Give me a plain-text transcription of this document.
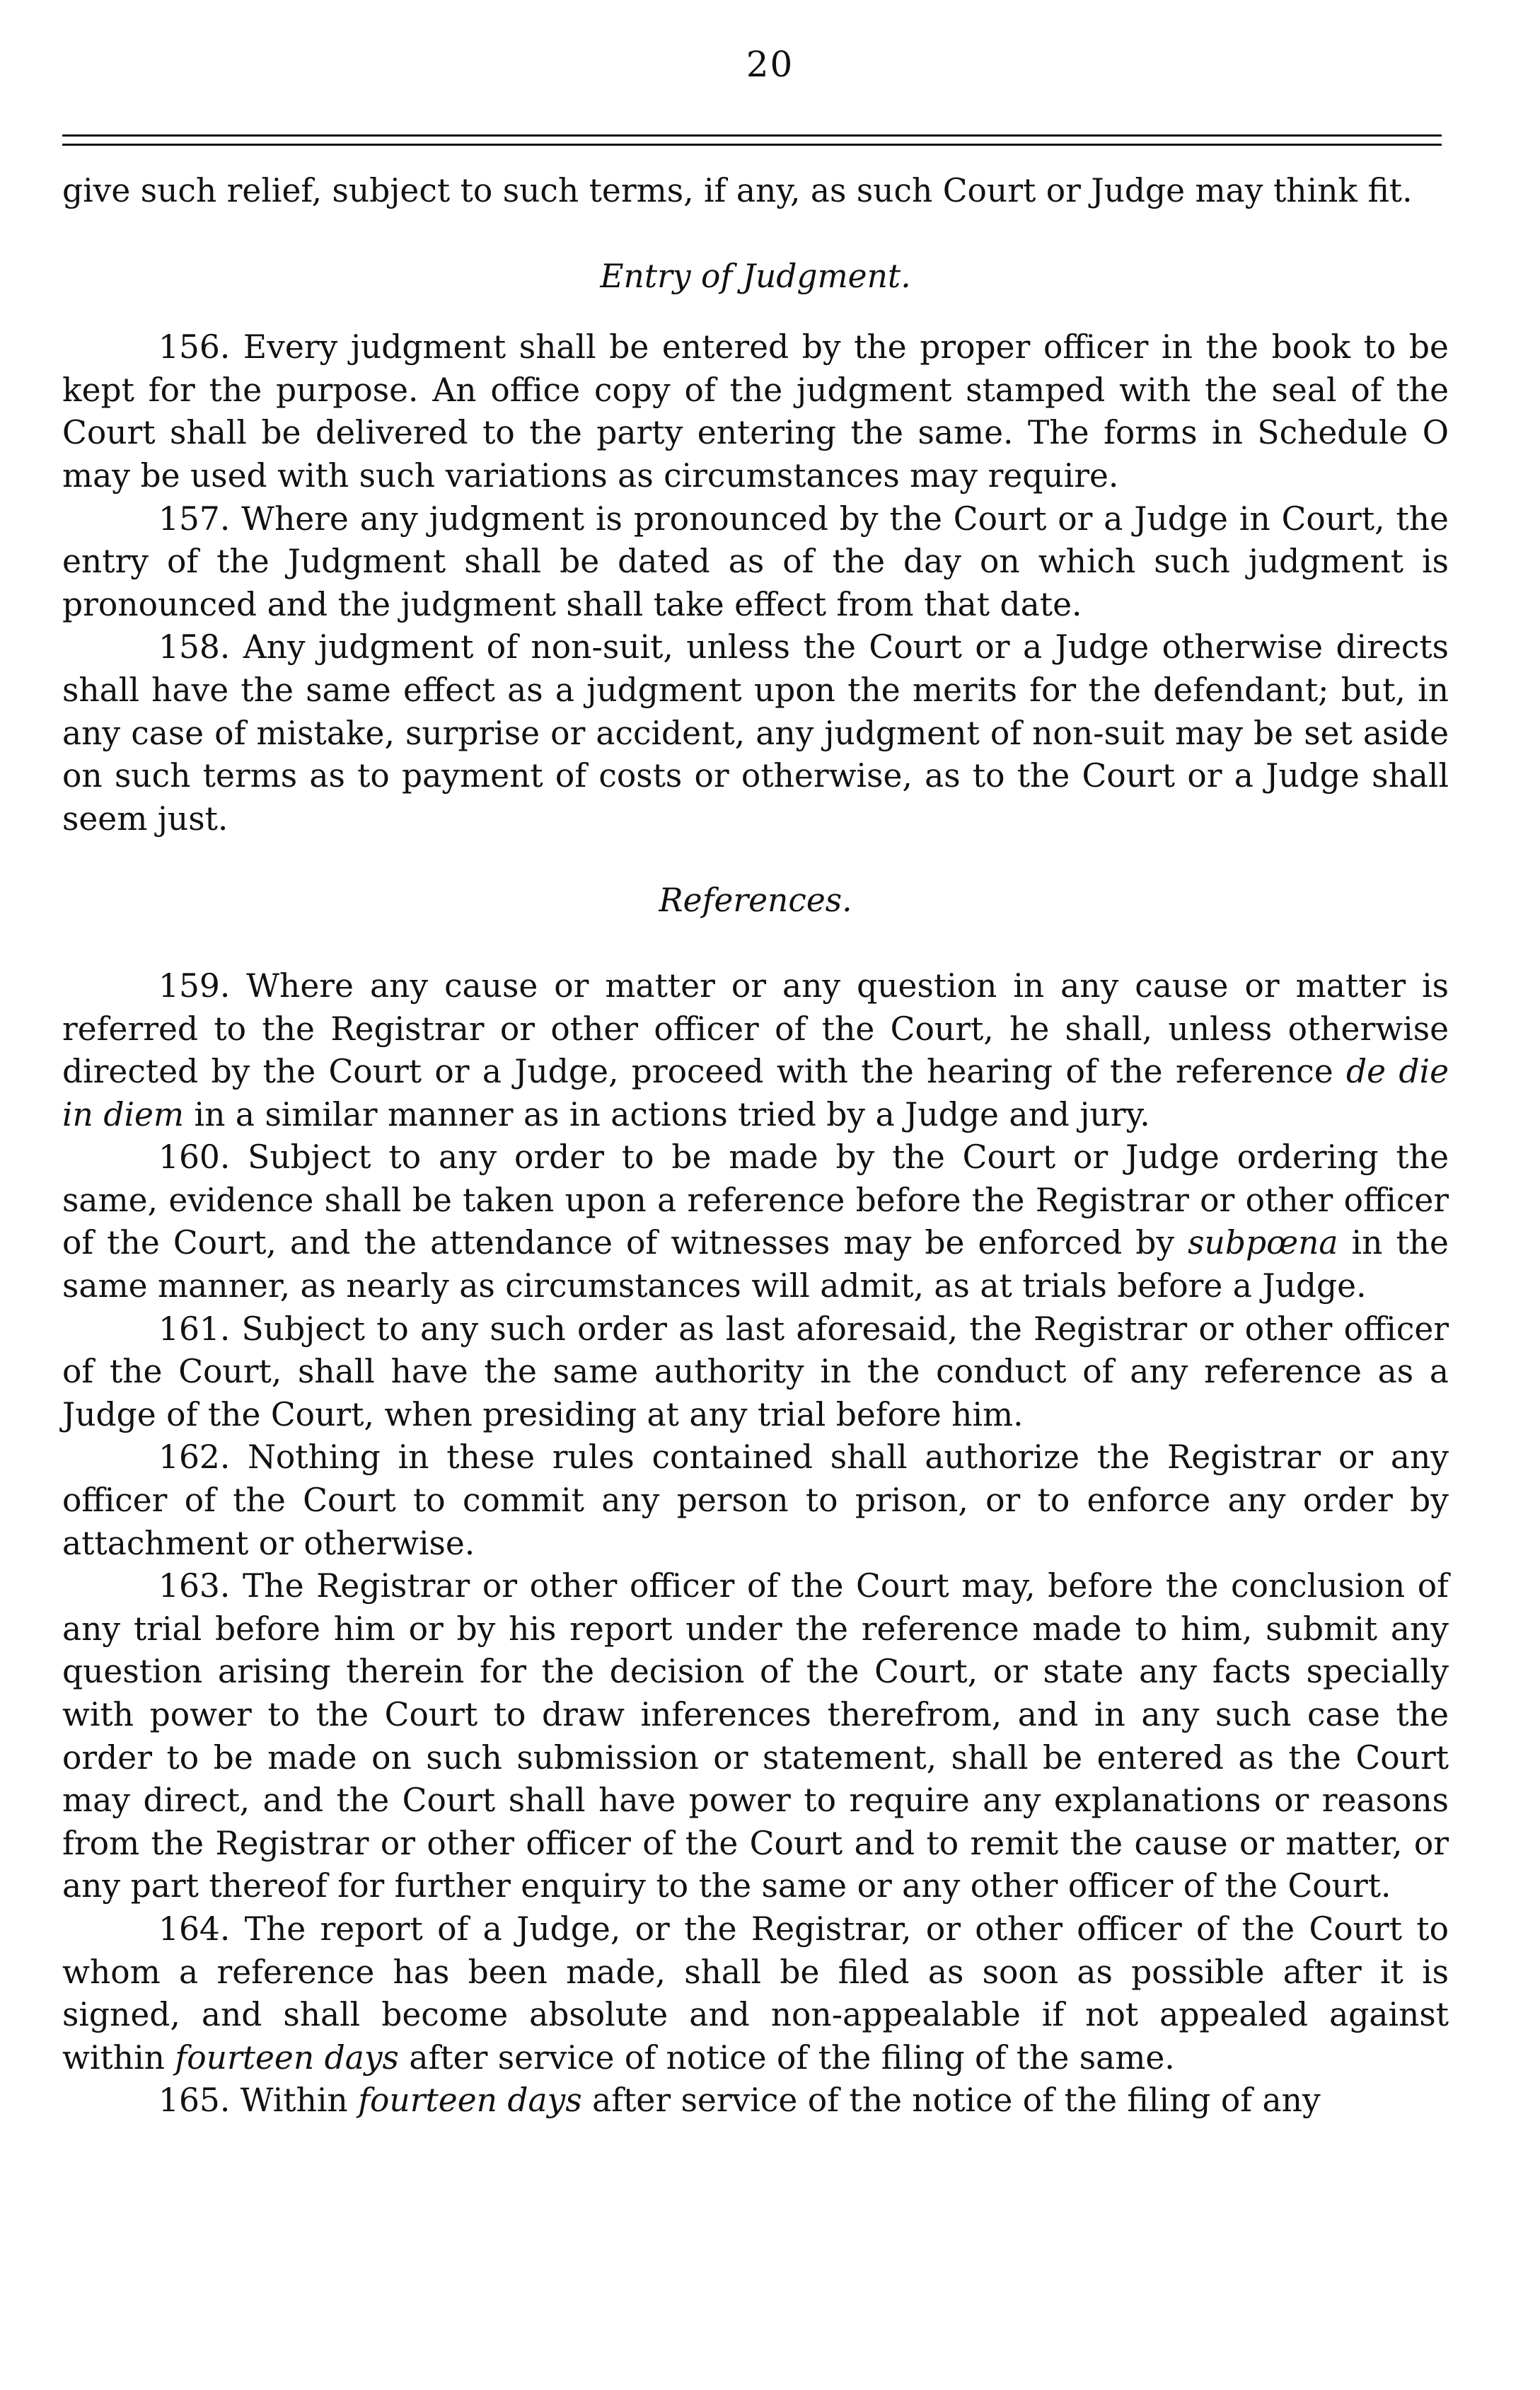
20

give such relief, subject to such terms, if any, as such Court or Judge may think fit.

Entry of Judgment.

156. Every judgment shall be entered by the proper officer in the book to be kept for the purpose. An office copy of the judgment stamped with the seal of the Court shall be delivered to the party entering the same. The forms in Schedule O may be used with such variations as circumstances may require.

157. Where any judgment is pronounced by the Court or a Judge in Court, the entry of the Judgment shall be dated as of the day on which such judgment is pronounced and the judgment shall take effect from that date.

158. Any judgment of non-suit, unless the Court or a Judge otherwise directs shall have the same effect as a judgment upon the merits for the defendant; but, in any case of mistake, surprise or accident, any judgment of non-suit may be set aside on such terms as to payment of costs or otherwise, as to the Court or a Judge shall seem just.

References.

159. Where any cause or matter or any question in any cause or matter is referred to the Registrar or other officer of the Court, he shall, unless otherwise directed by the Court or a Judge, proceed with the hearing of the reference de die in diem in a similar manner as in actions tried by a Judge and jury.

160. Subject to any order to be made by the Court or Judge ordering the same, evidence shall be taken upon a reference before the Registrar or other officer of the Court, and the attendance of witnesses may be enforced by subpœna in the same manner, as nearly as circumstances will admit, as at trials before a Judge.

161. Subject to any such order as last aforesaid, the Registrar or other officer of the Court, shall have the same authority in the conduct of any reference as a Judge of the Court, when presiding at any trial before him.

162. Nothing in these rules contained shall authorize the Registrar or any officer of the Court to commit any person to prison, or to enforce any order by attachment or otherwise.

163. The Registrar or other officer of the Court may, before the conclusion of any trial before him or by his report under the reference made to him, submit any question arising therein for the decision of the Court, or state any facts specially with power to the Court to draw inferences therefrom, and in any such case the order to be made on such submission or statement, shall be entered as the Court may direct, and the Court shall have power to require any explanations or reasons from the Registrar or other officer of the Court and to remit the cause or matter, or any part thereof for further enquiry to the same or any other officer of the Court.

164. The report of a Judge, or the Registrar, or other officer of the Court to whom a reference has been made, shall be filed as soon as possible after it is signed, and shall become absolute and non-appealable if not appealed against within fourteen days after service of notice of the filing of the same.

165. Within fourteen days after service of the notice of the filing of any
